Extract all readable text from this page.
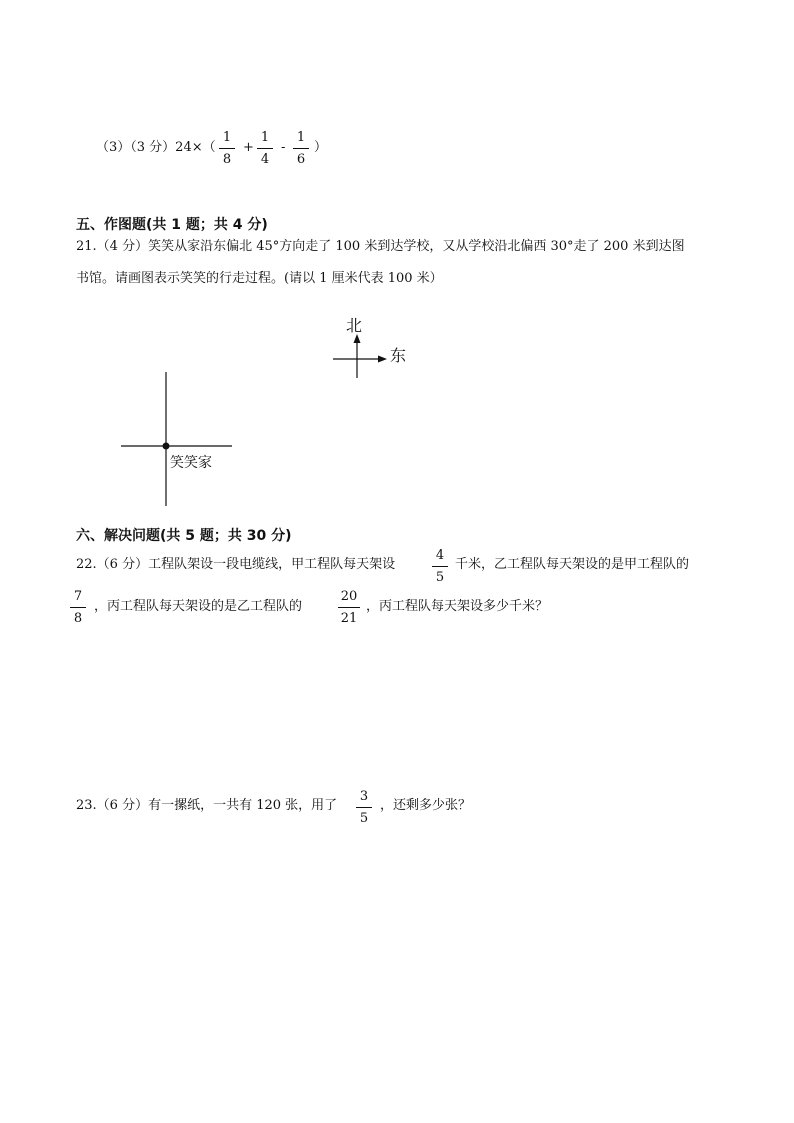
（3）（3 分）24×（
1
8
+
1
4
-
1
6
）
五、作图题(共 1 题；共 4 分)
21.（4 分）笑笑从家沿东偏北 45°方向走了 100 米到达学校，又从学校沿北偏西 30°走了 200 米到达图
书馆。请画图表示笑笑的行走过程。(请以 1 厘米代表 100 米）
北
东
笑笑家
六、解决问题(共 5 题；共 30 分)
22.（6 分）工程队架设一段电缆线，甲工程队每天架设
4
5
千米，乙工程队每天架设的是甲工程队的
7
8
，丙工程队每天架设的是乙工程队的
20
21
，丙工程队每天架设多少千米？
23.（6 分）有一摞纸，一共有 120 张，用了
3
5
，还剩多少张？
